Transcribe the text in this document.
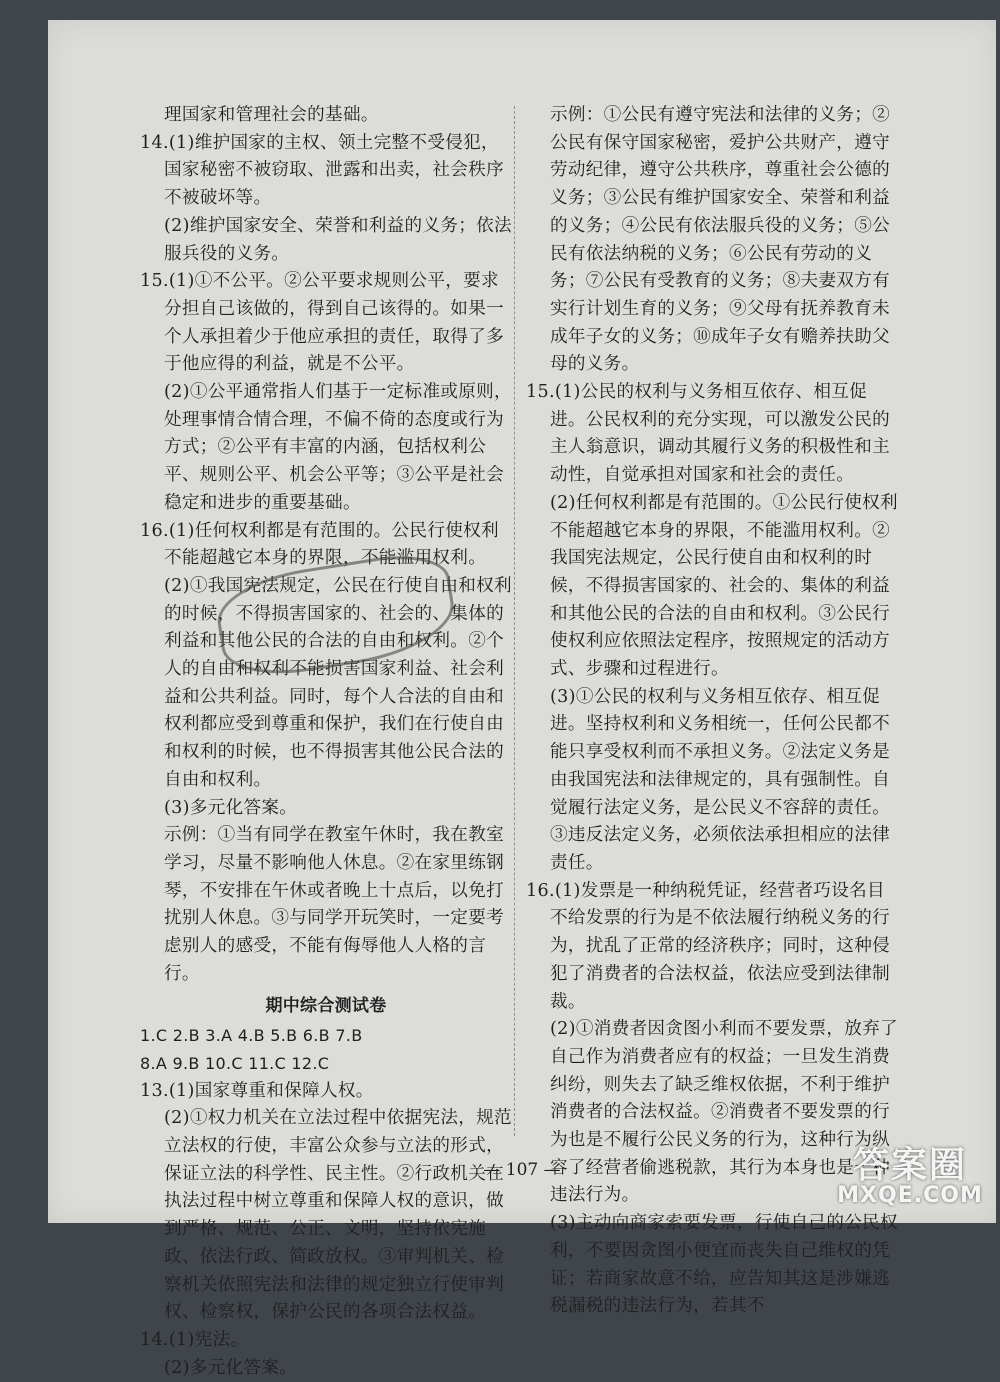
理国家和管理社会的基础。

14.(1)维护国家的主权、领土完整不受侵犯，国家秘密不被窃取、泄露和出卖，社会秩序不被破坏等。

(2)维护国家安全、荣誉和利益的义务；依法服兵役的义务。

15.(1)①不公平。②公平要求规则公平，要求分担自己该做的，得到自己该得的。如果一个人承担着少于他应承担的责任，取得了多于他应得的利益，就是不公平。

(2)①公平通常指人们基于一定标准或原则，处理事情合情合理，不偏不倚的态度或行为方式；②公平有丰富的内涵，包括权利公平、规则公平、机会公平等；③公平是社会稳定和进步的重要基础。

16.(1)任何权利都是有范围的。公民行使权利不能超越它本身的界限，不能滥用权利。

(2)①我国宪法规定，公民在行使自由和权利的时候，不得损害国家的、社会的、集体的利益和其他公民的合法的自由和权利。②个人的自由和权利不能损害国家利益、社会利益和公共利益。同时，每个人合法的自由和权利都应受到尊重和保护，我们在行使自由和权利的时候，也不得损害其他公民合法的自由和权利。

(3)多元化答案。

示例：①当有同学在教室午休时，我在教室学习，尽量不影响他人休息。②在家里练钢琴，不安排在午休或者晚上十点后，以免打扰别人休息。③与同学开玩笑时，一定要考虑别人的感受，不能有侮辱他人人格的言行。

期中综合测试卷

1.C 2.B 3.A 4.B 5.B 6.B 7.B

8.A 9.B 10.C 11.C 12.C

13.(1)国家尊重和保障人权。

(2)①权力机关在立法过程中依据宪法，规范立法权的行使，丰富公众参与立法的形式，保证立法的科学性、民主性。②行政机关在执法过程中树立尊重和保障人权的意识，做到严格、规范、公正、文明，坚持依宪施政、依法行政、简政放权。③审判机关、检察机关依照宪法和法律的规定独立行使审判权、检察权，保护公民的各项合法权益。

14.(1)宪法。

(2)多元化答案。

示例：①公民有遵守宪法和法律的义务；②公民有保守国家秘密，爱护公共财产，遵守劳动纪律，遵守公共秩序，尊重社会公德的义务；③公民有维护国家安全、荣誉和利益的义务；④公民有依法服兵役的义务；⑤公民有依法纳税的义务；⑥公民有劳动的义务；⑦公民有受教育的义务；⑧夫妻双方有实行计划生育的义务；⑨父母有抚养教育未成年子女的义务；⑩成年子女有赡养扶助父母的义务。

15.(1)公民的权利与义务相互依存、相互促进。公民权利的充分实现，可以激发公民的主人翁意识，调动其履行义务的积极性和主动性，自觉承担对国家和社会的责任。

(2)任何权利都是有范围的。①公民行使权利不能超越它本身的界限，不能滥用权利。②我国宪法规定，公民行使自由和权利的时候，不得损害国家的、社会的、集体的利益和其他公民的合法的自由和权利。③公民行使权利应依照法定程序，按照规定的活动方式、步骤和过程进行。

(3)①公民的权利与义务相互依存、相互促进。坚持权利和义务相统一，任何公民都不能只享受权利而不承担义务。②法定义务是由我国宪法和法律规定的，具有强制性。自觉履行法定义务，是公民义不容辞的责任。③违反法定义务，必须依法承担相应的法律责任。

16.(1)发票是一种纳税凭证，经营者巧设名目不给发票的行为是不依法履行纳税义务的行为，扰乱了正常的经济秩序；同时，这种侵犯了消费者的合法权益，依法应受到法律制裁。

(2)①消费者因贪图小利而不要发票，放弃了自己作为消费者应有的权益；一旦发生消费纠纷，则失去了缺乏维权依据，不利于维护消费者的合法权益。②消费者不要发票的行为也是不履行公民义务的行为，这种行为纵容了经营者偷逃税款，其行为本身也是一种违法行为。

(3)主动向商家索要发票，行使自己的公民权利，不要因贪图小便宜而丧失自己维权的凭证；若商家故意不给，应告知其这是涉嫌逃税漏税的违法行为，若其不

— 107 —
答案圈
MXQE.COM
